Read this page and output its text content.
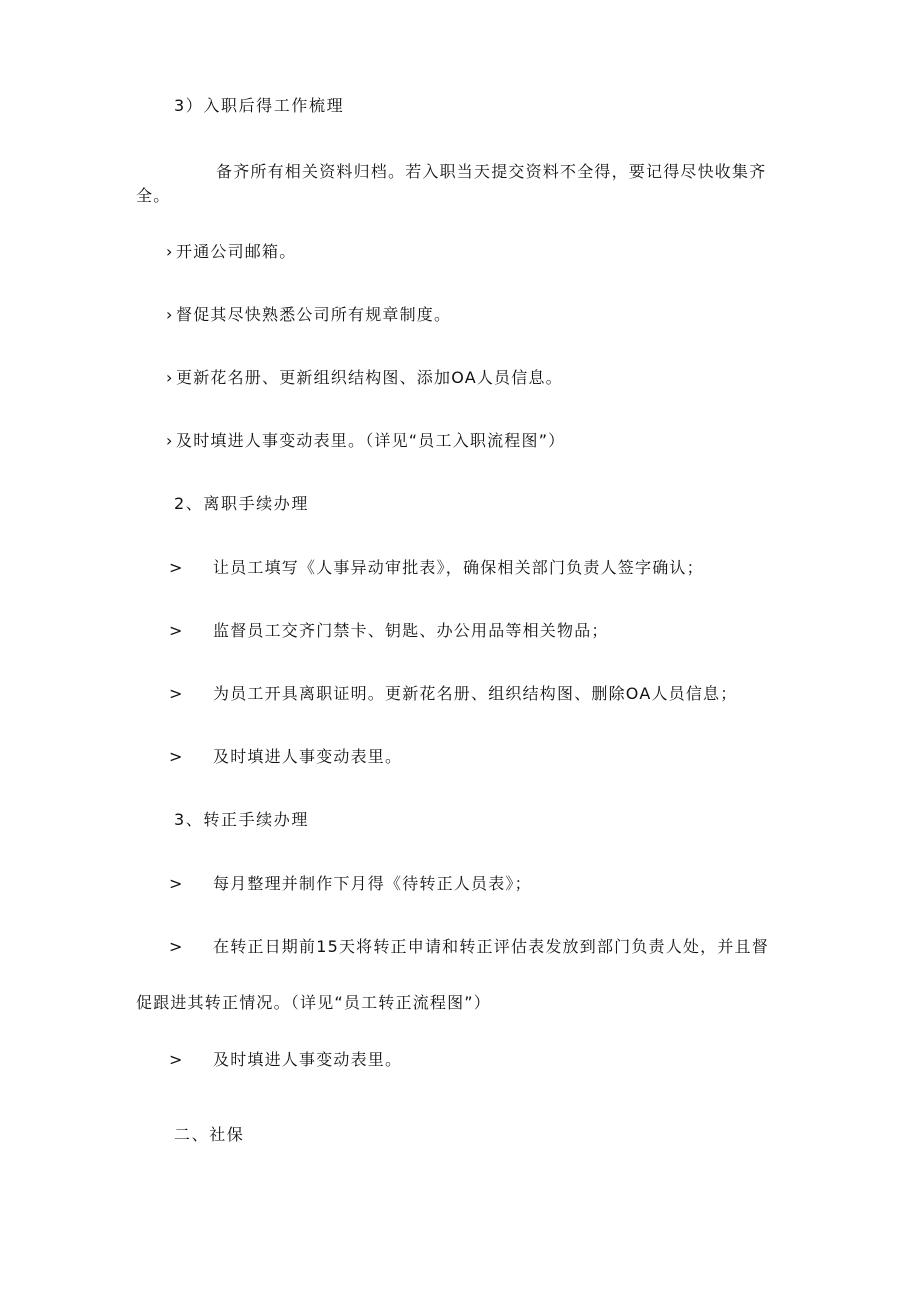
3）入职后得工作梳理
备齐所有相关资料归档。若入职当天提交资料不全得，要记得尽快收集齐全。
› 开通公司邮箱。
› 督促其尽快熟悉公司所有规章制度。
› 更新花名册、更新组织结构图、添加OA人员信息。
› 及时填进人事变动表里。（详见“员工入职流程图”）
2、离职手续办理
> 让员工填写《人事异动审批表》，确保相关部门负责人签字确认；
> 监督员工交齐门禁卡、钥匙、办公用品等相关物品；
> 为员工开具离职证明。更新花名册、组织结构图、删除OA人员信息；
> 及时填进人事变动表里。
3、转正手续办理
> 每月整理并制作下月得《待转正人员表》；
>	在转正日期前15天将转正申请和转正评估表发放到部门负责人处，并且督促跟进其转正情况。（详见“员工转正流程图”）
> 及时填进人事变动表里。
二、社保
